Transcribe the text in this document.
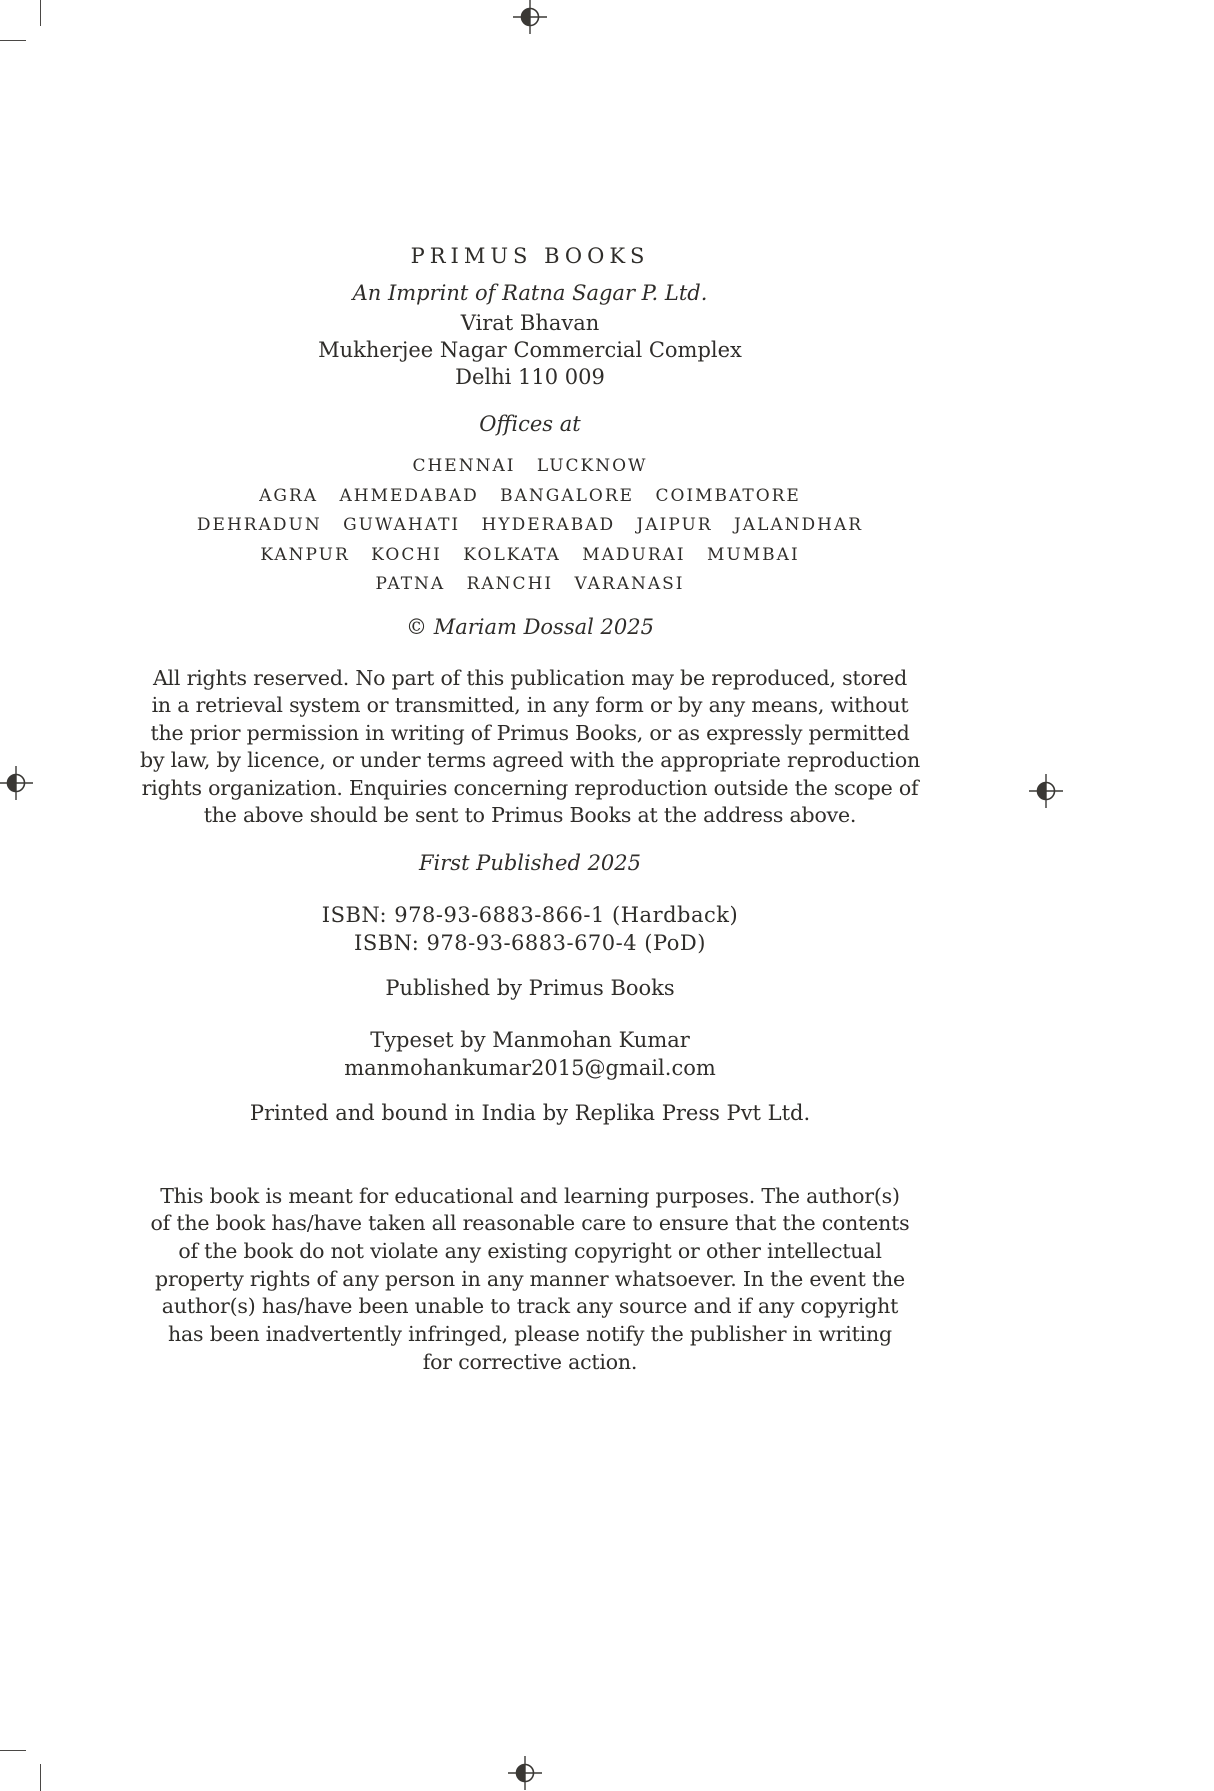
PRIMUS BOOKS
An Imprint of Ratna Sagar P. Ltd.
Virat Bhavan
Mukherjee Nagar Commercial Complex
Delhi 110 009
Offices at
CHENNAI LUCKNOW
AGRA AHMEDABAD BANGALORE COIMBATORE
DEHRADUN GUWAHATI HYDERABAD JAIPUR JALANDHAR
KANPUR KOCHI KOLKATA MADURAI MUMBAI
PATNA RANCHI VARANASI
© Mariam Dossal 2025
All rights reserved. No part of this publication may be reproduced, stored
in a retrieval system or transmitted, in any form or by any means, without
the prior permission in writing of Primus Books, or as expressly permitted
by law, by licence, or under terms agreed with the appropriate reproduction
rights organization. Enquiries concerning reproduction outside the scope of
the above should be sent to Primus Books at the address above.
First Published 2025
ISBN: 978-93-6883-866-1 (Hardback)
ISBN: 978-93-6883-670-4 (PoD)
Published by Primus Books
Typeset by Manmohan Kumar
manmohankumar2015@gmail.com
Printed and bound in India by Replika Press Pvt Ltd.
This book is meant for educational and learning purposes. The author(s)
of the book has/have taken all reasonable care to ensure that the contents
of the book do not violate any existing copyright or other intellectual
property rights of any person in any manner whatsoever. In the event the
author(s) has/have been unable to track any source and if any copyright
has been inadvertently infringed, please notify the publisher in writing
for corrective action.
